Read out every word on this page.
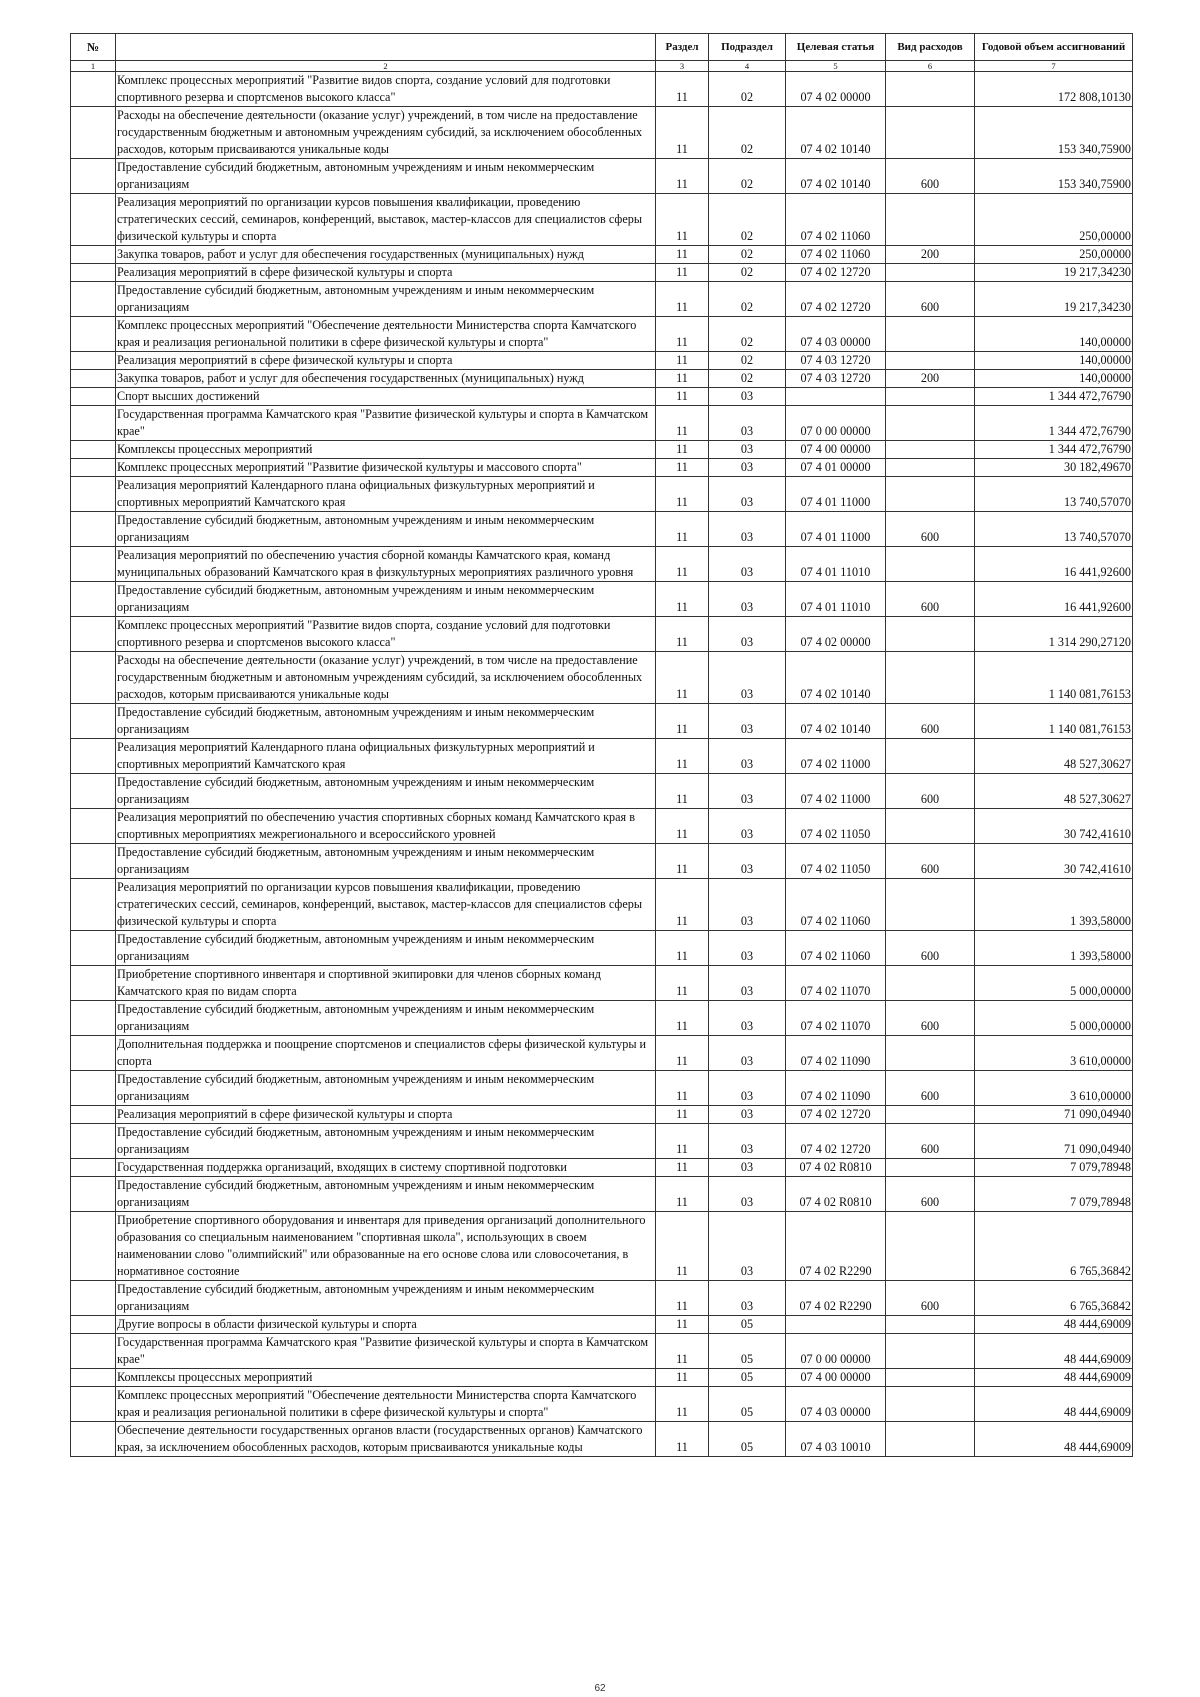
№		Раздел	Подраздел	Целевая статья	Вид расходов	Годовой объем ассигнований
1	2	3	4	5	6	7
	Комплекс процессных мероприятий "Развитие видов спорта, создание условий для подготовки спортивного резерва и спортсменов высокого класса"	11	02	07 4 02 00000		172 808,10130
	Расходы на обеспечение деятельности (оказание услуг) учреждений, в том числе на предоставление государственным бюджетным и автономным учреждениям субсидий, за исключением обособленных расходов, которым присваиваются уникальные коды	11	02	07 4 02 10140		153 340,75900
	Предоставление субсидий бюджетным, автономным учреждениям и иным некоммерческим организациям	11	02	07 4 02 10140	600	153 340,75900
	Реализация мероприятий по организации курсов повышения квалификации, проведению стратегических сессий, семинаров, конференций, выставок, мастер-классов для специалистов сферы физической культуры и спорта	11	02	07 4 02 11060		250,00000
	Закупка товаров, работ и услуг для обеспечения государственных (муниципальных) нужд	11	02	07 4 02 11060	200	250,00000
	Реализация мероприятий в сфере физической культуры и спорта	11	02	07 4 02 12720		19 217,34230
	Предоставление субсидий бюджетным, автономным учреждениям и иным некоммерческим организациям	11	02	07 4 02 12720	600	19 217,34230
	Комплекс процессных мероприятий "Обеспечение деятельности Министерства спорта Камчатского края и реализация региональной политики в сфере физической культуры и спорта"	11	02	07 4 03 00000		140,00000
	Реализация мероприятий в сфере физической культуры и спорта	11	02	07 4 03 12720		140,00000
	Закупка товаров, работ и услуг для обеспечения государственных (муниципальных) нужд	11	02	07 4 03 12720	200	140,00000
	Спорт высших достижений	11	03			1 344 472,76790
	Государственная программа Камчатского края "Развитие физической культуры и спорта в Камчатском крае"	11	03	07 0 00 00000		1 344 472,76790
	Комплексы процессных мероприятий	11	03	07 4 00 00000		1 344 472,76790
	Комплекс процессных мероприятий "Развитие физической культуры и массового спорта"	11	03	07 4 01 00000		30 182,49670
	Реализация мероприятий Календарного плана официальных физкультурных мероприятий и спортивных мероприятий Камчатского края	11	03	07 4 01 11000		13 740,57070
	Предоставление субсидий бюджетным, автономным учреждениям и иным некоммерческим организациям	11	03	07 4 01 11000	600	13 740,57070
	Реализация мероприятий по обеспечению участия сборной команды Камчатского края, команд муниципальных образований Камчатского края в физкультурных мероприятиях различного уровня	11	03	07 4 01 11010		16 441,92600
	Предоставление субсидий бюджетным, автономным учреждениям и иным некоммерческим организациям	11	03	07 4 01 11010	600	16 441,92600
	Комплекс процессных мероприятий "Развитие видов спорта, создание условий для подготовки спортивного резерва и спортсменов высокого класса"	11	03	07 4 02 00000		1 314 290,27120
	Расходы на обеспечение деятельности (оказание услуг) учреждений, в том числе на предоставление государственным бюджетным и автономным учреждениям субсидий, за исключением обособленных расходов, которым присваиваются уникальные коды	11	03	07 4 02 10140		1 140 081,76153
	Предоставление субсидий бюджетным, автономным учреждениям и иным некоммерческим организациям	11	03	07 4 02 10140	600	1 140 081,76153
	Реализация мероприятий Календарного плана официальных физкультурных мероприятий и спортивных мероприятий Камчатского края	11	03	07 4 02 11000		48 527,30627
	Предоставление субсидий бюджетным, автономным учреждениям и иным некоммерческим организациям	11	03	07 4 02 11000	600	48 527,30627
	Реализация мероприятий по обеспечению участия спортивных сборных команд Камчатского края в спортивных мероприятиях межрегионального и всероссийского уровней	11	03	07 4 02 11050		30 742,41610
	Предоставление субсидий бюджетным, автономным учреждениям и иным некоммерческим организациям	11	03	07 4 02 11050	600	30 742,41610
	Реализация мероприятий по организации курсов повышения квалификации, проведению стратегических сессий, семинаров, конференций, выставок, мастер-классов для специалистов сферы физической культуры и спорта	11	03	07 4 02 11060		1 393,58000
	Предоставление субсидий бюджетным, автономным учреждениям и иным некоммерческим организациям	11	03	07 4 02 11060	600	1 393,58000
	Приобретение спортивного инвентаря и спортивной экипировки для членов сборных команд Камчатского края по видам спорта	11	03	07 4 02 11070		5 000,00000
	Предоставление субсидий бюджетным, автономным учреждениям и иным некоммерческим организациям	11	03	07 4 02 11070	600	5 000,00000
	Дополнительная поддержка и поощрение спортсменов и специалистов сферы физической культуры и спорта	11	03	07 4 02 11090		3 610,00000
	Предоставление субсидий бюджетным, автономным учреждениям и иным некоммерческим организациям	11	03	07 4 02 11090	600	3 610,00000
	Реализация мероприятий в сфере физической культуры и спорта	11	03	07 4 02 12720		71 090,04940
	Предоставление субсидий бюджетным, автономным учреждениям и иным некоммерческим организациям	11	03	07 4 02 12720	600	71 090,04940
	Государственная поддержка организаций, входящих в систему спортивной подготовки	11	03	07 4 02 R0810		7 079,78948
	Предоставление субсидий бюджетным, автономным учреждениям и иным некоммерческим организациям	11	03	07 4 02 R0810	600	7 079,78948
	Приобретение спортивного оборудования и инвентаря для приведения организаций дополнительного образования со специальным наименованием "спортивная школа", использующих в своем наименовании слово "олимпийский" или образованные на его основе слова или словосочетания, в нормативное состояние	11	03	07 4 02 R2290		6 765,36842
	Предоставление субсидий бюджетным, автономным учреждениям и иным некоммерческим организациям	11	03	07 4 02 R2290	600	6 765,36842
	Другие вопросы в области физической культуры и спорта	11	05			48 444,69009
	Государственная программа Камчатского края "Развитие физической культуры и спорта в Камчатском крае"	11	05	07 0 00 00000		48 444,69009
	Комплексы процессных мероприятий	11	05	07 4 00 00000		48 444,69009
	Комплекс процессных мероприятий "Обеспечение деятельности Министерства спорта Камчатского края и реализация региональной политики в сфере физической культуры и спорта"	11	05	07 4 03 00000		48 444,69009
	Обеспечение деятельности государственных органов власти (государственных органов) Камчатского края, за исключением обособленных расходов, которым присваиваются уникальные коды	11	05	07 4 03 10010		48 444,69009
62
